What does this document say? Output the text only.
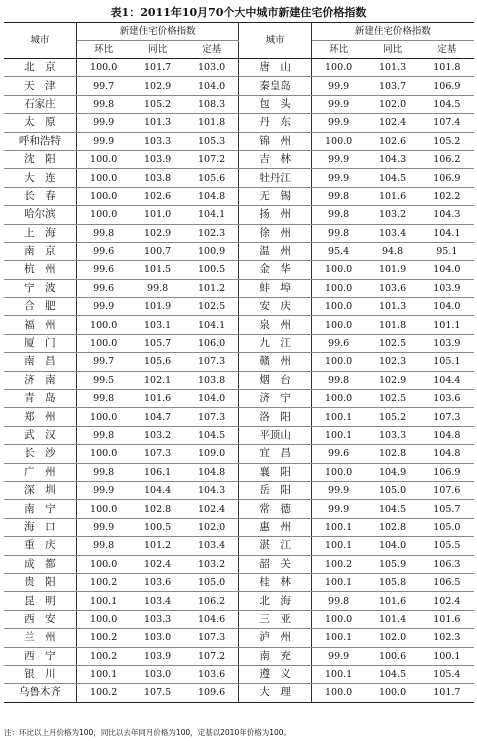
表1：2011年10月70个大中城市新建住宅价格指数
城市	新建住宅价格指数			城市	新建住宅价格指数		
	环比	同比	定基		环比	同比	定基
北　京	100.0	101.7	103.0	唐　山	100.0	101.3	101.8
天　津	99.7	102.9	104.0	秦皇岛	99.9	103.7	106.9
石家庄	99.8	105.2	108.3	包　头	99.9	102.0	104.5
太　原	99.9	101.3	101.8	丹　东	99.9	102.4	107.4
呼和浩特	99.9	103.3	105.3	锦　州	100.0	102.6	105.2
沈　阳	100.0	103.9	107.2	吉　林	99.9	104.3	106.2
大　连	100.0	103.8	105.6	牡丹江	99.9	104.5	106.9
长　春	100.0	102.6	104.8	无　锡	99.8	101.6	102.2
哈尔滨	100.0	101.0	104.1	扬　州	99.8	103.2	104.3
上　海	99.8	102.9	102.3	徐　州	99.8	103.4	104.1
南　京	99.6	100.7	100.9	温　州	95.4	94.8	95.1
杭　州	99.6	101.5	100.5	金　华	100.0	101.9	104.0
宁　波	99.6	99.8	101.2	蚌　埠	100.0	103.6	103.9
合　肥	99.9	101.9	102.5	安　庆	100.0	101.3	104.0
福　州	100.0	103.1	104.1	泉　州	100.0	101.8	101.1
厦　门	100.0	105.7	106.0	九　江	99.6	102.5	103.9
南　昌	99.7	105.6	107.3	赣　州	100.0	102.3	105.1
济　南	99.5	102.1	103.8	烟　台	99.8	102.9	104.4
青　岛	99.8	101.6	104.0	济　宁	100.0	102.5	103.6
郑　州	100.0	104.7	107.3	洛　阳	100.1	105.2	107.3
武　汉	99.8	103.2	104.5	平顶山	100.1	103.3	104.8
长　沙	100.0	107.3	109.0	宜　昌	99.6	102.8	104.8
广　州	99.8	106.1	104.8	襄　阳	100.0	104.9	106.9
深　圳	99.9	104.4	104.3	岳　阳	99.9	105.0	107.6
南　宁	100.0	102.8	102.4	常　德	99.9	104.5	105.7
海　口	99.9	100.5	102.0	惠　州	100.1	102.8	105.0
重　庆	99.8	101.2	103.4	湛　江	100.1	104.0	105.5
成　都	100.0	102.4	103.2	韶　关	100.2	105.9	106.3
贵　阳	100.2	103.6	105.0	桂　林	100.1	105.8	106.5
昆　明	100.1	103.4	106.2	北　海	99.8	101.6	102.4
西　安	100.0	103.3	104.6	三　亚	100.0	101.4	101.6
兰　州	100.2	103.0	107.3	泸　州	100.1	102.0	102.3
西　宁	100.2	103.9	107.2	南　充	99.9	100.6	100.1
银　川	100.1	103.0	103.6	遵　义	100.1	104.5	105.4
乌鲁木齐	100.2	107.5	109.6	大　理	100.0	100.0	101.7
注：环比以上月价格为100，同比以去年同月价格为100，定基以2010年价格为100。
